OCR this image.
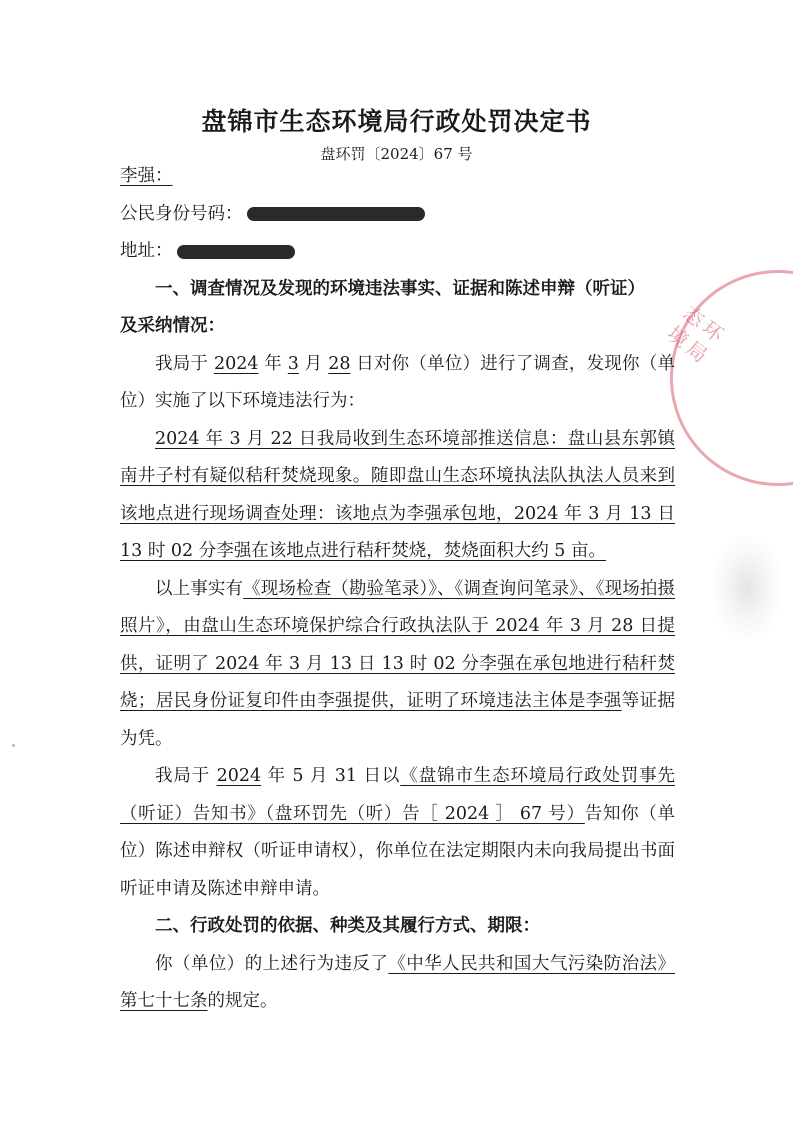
态环境局
盘锦市生态环境局行政处罚决定书
盘环罚〔2024〕67 号

李强：

公民身份号码：

地址：

一、调查情况及发现的环境违法事实、证据和陈述申辩（听证）

及采纳情况：

我局于 2024 年 3 月 28 日对你（单位）进行了调查，发现你（单位）实施了以下环境违法行为：

2024 年 3 月 22 日我局收到生态环境部推送信息：盘山县东郭镇南井子村有疑似秸秆焚烧现象。随即盘山生态环境执法队执法人员来到该地点进行现场调查处理：该地点为李强承包地，2024 年 3 月 13 日 13 时 02 分李强在该地点进行秸秆焚烧，焚烧面积大约 5 亩。

以上事实有《现场检查（勘验笔录）》、《调查询问笔录》、《现场拍摄照片》，由盘山生态环境保护综合行政执法队于 2024 年 3 月 28 日提供，证明了 2024 年 3 月 13 日 13 时 02 分李强在承包地进行秸秆焚烧；居民身份证复印件由李强提供，证明了环境违法主体是李强等证据为凭。

我局于 2024 年 5 月 31 日以《盘锦市生态环境局行政处罚事先（听证）告知书》（盘环罚先（听）告［ 2024 ］ 67 号）告知你（单位）陈述申辩权（听证申请权），你单位在法定期限内未向我局提出书面听证申请及陈述申辩申请。

二、行政处罚的依据、种类及其履行方式、期限：

你（单位）的上述行为违反了《中华人民共和国大气污染防治法》第七十七条的规定。
